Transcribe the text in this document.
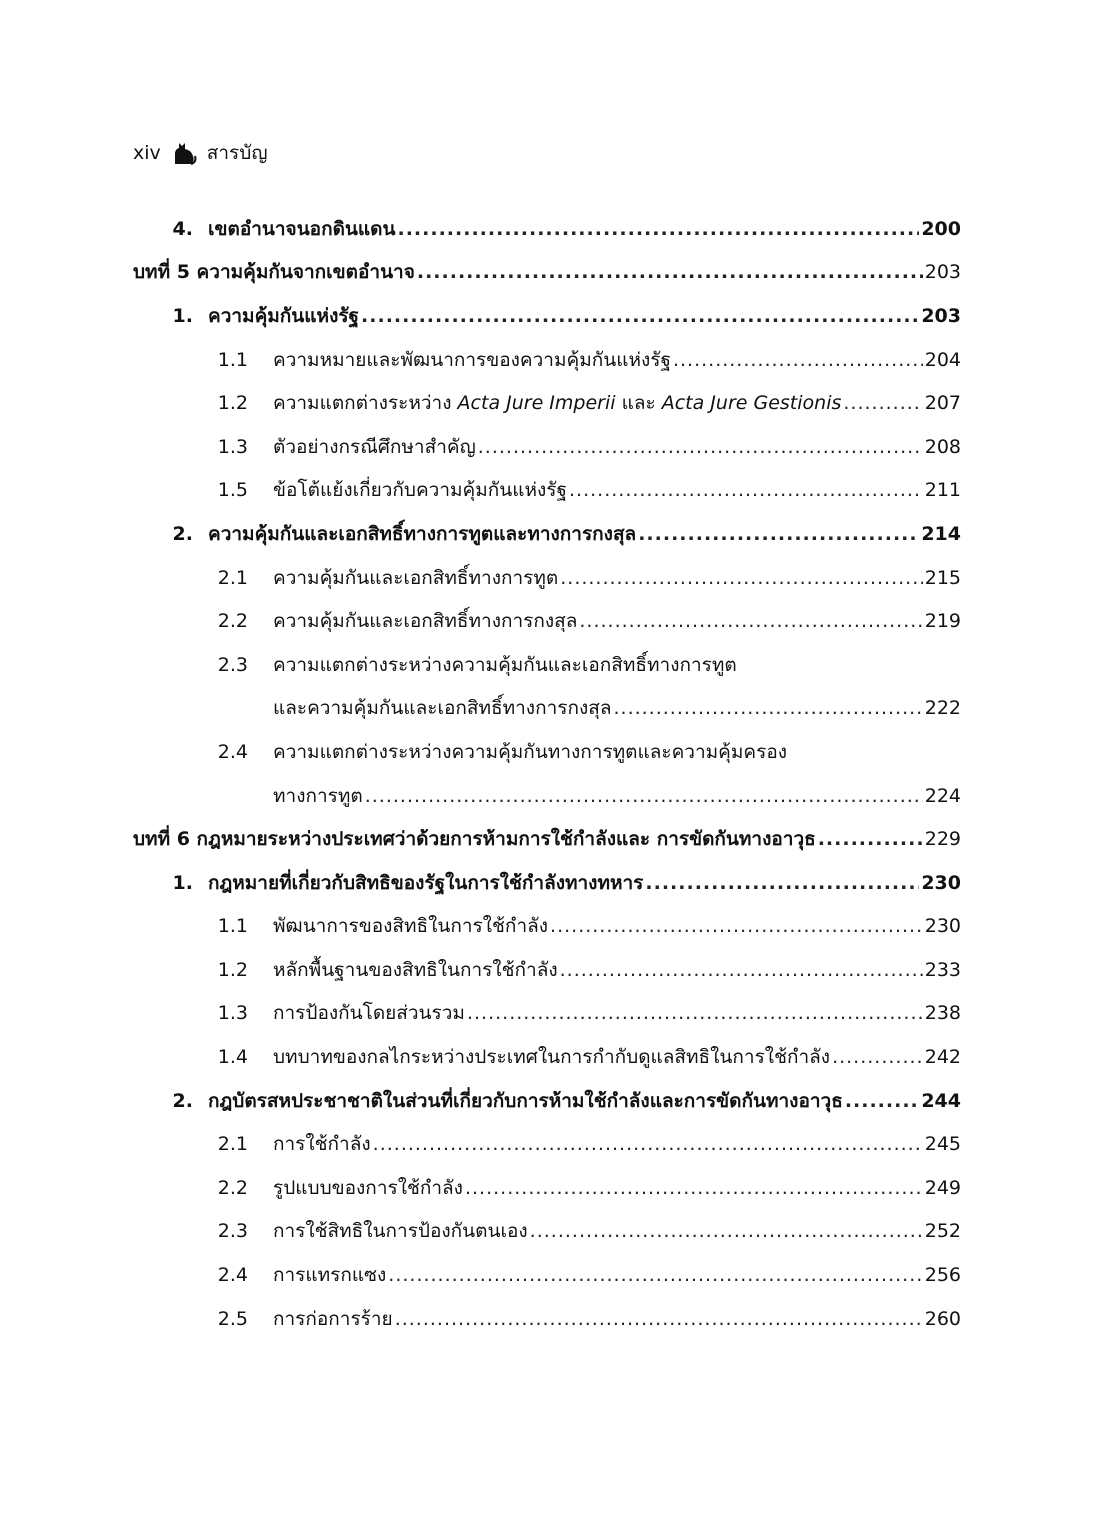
xiv สารบัญ
4. เขตอำนาจนอกดินแดน .....	200
บทที่ 5 ความคุ้มกันจากเขตอำนาจ .....	203
1. ความคุ้มกันแห่งรัฐ .....	203
1.1 ความหมายและพัฒนาการของความคุ้มกันแห่งรัฐ .....	204
1.2 ความแตกต่างระหว่าง Acta Jure Imperii และ Acta Jure Gestionis .....	207
1.3 ตัวอย่างกรณีศึกษาสำคัญ .....	208
1.5 ข้อโต้แย้งเกี่ยวกับความคุ้มกันแห่งรัฐ .....	211
2. ความคุ้มกันและเอกสิทธิ์ทางการทูตและทางการกงสุล .....	214
2.1 ความคุ้มกันและเอกสิทธิ์ทางการทูต .....	215
2.2 ความคุ้มกันและเอกสิทธิ์ทางการกงสุล .....	219
2.3 ความแตกต่างระหว่างความคุ้มกันและเอกสิทธิ์ทางการทูต
และความคุ้มกันและเอกสิทธิ์ทางการกงสุล .....	222
2.4 ความแตกต่างระหว่างความคุ้มกันทางการทูตและความคุ้มครอง
ทางการทูต .....	224
บทที่ 6 กฎหมายระหว่างประเทศว่าด้วยการห้ามการใช้กำลังและ การขัดกันทางอาวุธ .....	229
1. กฎหมายที่เกี่ยวกับสิทธิของรัฐในการใช้กำลังทางทหาร .....	230
1.1 พัฒนาการของสิทธิในการใช้กำลัง .....	230
1.2 หลักพื้นฐานของสิทธิในการใช้กำลัง .....	233
1.3 การป้องกันโดยส่วนรวม .....	238
1.4 บทบาทของกลไกระหว่างประเทศในการกำกับดูแลสิทธิในการใช้กำลัง .....	242
2. กฎบัตรสหประชาชาติในส่วนที่เกี่ยวกับการห้ามใช้กำลังและการขัดกันทางอาวุธ .....	244
2.1 การใช้กำลัง .....	245
2.2 รูปแบบของการใช้กำลัง .....	249
2.3 การใช้สิทธิในการป้องกันตนเอง .....	252
2.4 การแทรกแซง .....	256
2.5 การก่อการร้าย .....	260
